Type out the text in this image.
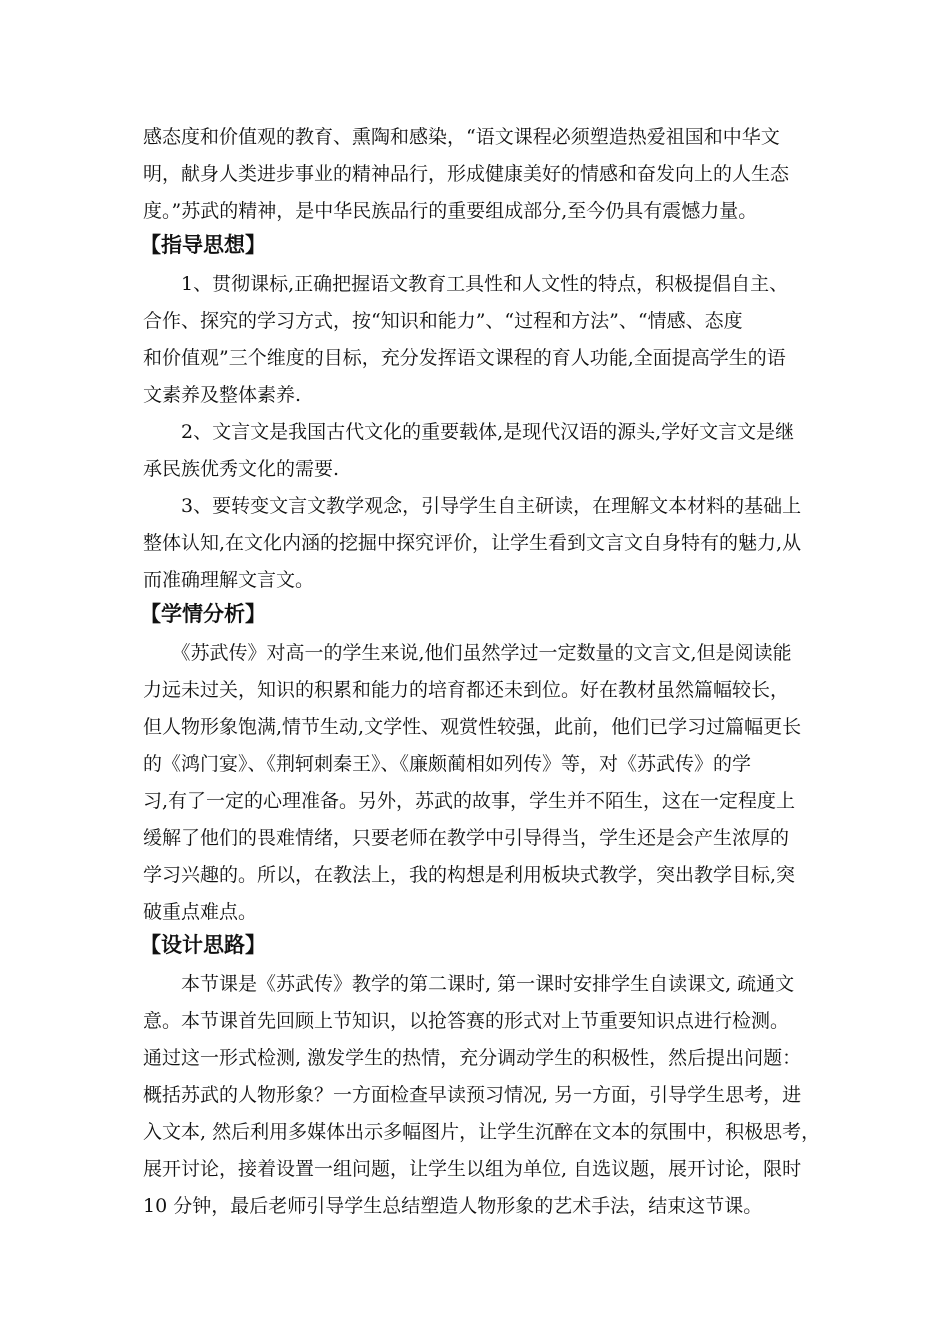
感态度和价值观的教育、熏陶和感染，“语文课程必须塑造热爱祖国和中华文
明，献身人类进步事业的精神品行，形成健康美好的情感和奋发向上的人生态
度。”苏武的精神，是中华民族品行的重要组成部分,至今仍具有震憾力量。
【指导思想】
　　1、贯彻课标,正确把握语文教育工具性和人文性的特点，积极提倡自主、
合作、探究的学习方式，按“知识和能力”、“过程和方法”、“情感、态度
和价值观”三个维度的目标，充分发挥语文课程的育人功能,全面提高学生的语
文素养及整体素养.
　　2、文言文是我国古代文化的重要载体,是现代汉语的源头,学好文言文是继
承民族优秀文化的需要.
　　3、要转变文言文教学观念，引导学生自主研读，在理解文本材料的基础上
整体认知,在文化内涵的挖掘中探究评价，让学生看到文言文自身特有的魅力,从
而准确理解文言文。
【学情分析】
　　《苏武传》对高一的学生来说,他们虽然学过一定数量的文言文,但是阅读能
力远未过关，知识的积累和能力的培育都还未到位。好在教材虽然篇幅较长，
但人物形象饱满,情节生动,文学性、观赏性较强，此前，他们已学习过篇幅更长
的《鸿门宴》、《荆轲刺秦王》、《廉颇蔺相如列传》等，对《苏武传》的学
习,有了一定的心理准备。另外，苏武的故事，学生并不陌生，这在一定程度上
缓解了他们的畏难情绪，只要老师在教学中引导得当，学生还是会产生浓厚的
学习兴趣的。所以，在教法上，我的构想是利用板块式教学，突出教学目标,突
破重点难点。
【设计思路】
　　本节课是《苏武传》教学的第二课时, 第一课时安排学生自读课文, 疏通文
意。本节课首先回顾上节知识，以抢答赛的形式对上节重要知识点进行检测。
通过这一形式检测, 激发学生的热情，充分调动学生的积极性，然后提出问题：
概括苏武的人物形象？一方面检查早读预习情况, 另一方面，引导学生思考，进
入文本, 然后利用多媒体出示多幅图片，让学生沉醉在文本的氛围中，积极思考，
展开讨论，接着设置一组问题，让学生以组为单位, 自选议题，展开讨论，限时
10 分钟，最后老师引导学生总结塑造人物形象的艺术手法，结束这节课。
